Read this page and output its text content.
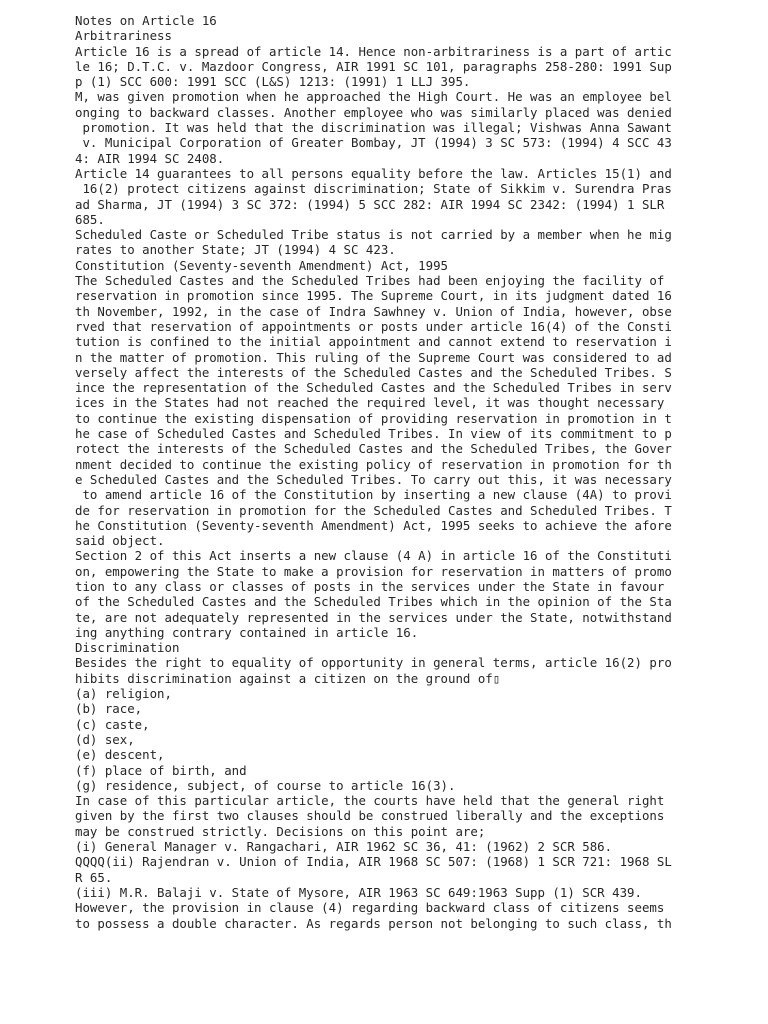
Notes on Article 16
Arbitrariness
Article 16 is a spread of article 14. Hence non-arbitrariness is a part of artic
le 16; D.T.C. v. Mazdoor Congress, AIR 1991 SC 101, paragraphs 258-280: 1991 Sup
p (1) SCC 600: 1991 SCC (L&S) 1213: (1991) 1 LLJ 395.
M, was given promotion when he approached the High Court. He was an employee bel
onging to backward classes. Another employee who was similarly placed was denied
promotion. It was held that the discrimination was illegal; Vishwas Anna Sawant
v. Municipal Corporation of Greater Bombay, JT (1994) 3 SC 573: (1994) 4 SCC 43
4: AIR 1994 SC 2408.
Article 14 guarantees to all persons equality before the law. Articles 15(1) and
16(2) protect citizens against discrimination; State of Sikkim v. Surendra Pras
ad Sharma, JT (1994) 3 SC 372: (1994) 5 SCC 282: AIR 1994 SC 2342: (1994) 1 SLR
685.
Scheduled Caste or Scheduled Tribe status is not carried by a member when he mig
rates to another State; JT (1994) 4 SC 423.
Constitution (Seventy-seventh Amendment) Act, 1995
The Scheduled Castes and the Scheduled Tribes had been enjoying the facility of
reservation in promotion since 1995. The Supreme Court, in its judgment dated 16
th November, 1992, in the case of Indra Sawhney v. Union of India, however, obse
rved that reservation of appointments or posts under article 16(4) of the Consti
tution is confined to the initial appointment and cannot extend to reservation i
n the matter of promotion. This ruling of the Supreme Court was considered to ad
versely affect the interests of the Scheduled Castes and the Scheduled Tribes. S
ince the representation of the Scheduled Castes and the Scheduled Tribes in serv
ices in the States had not reached the required level, it was thought necessary
to continue the existing dispensation of providing reservation in promotion in t
he case of Scheduled Castes and Scheduled Tribes. In view of its commitment to p
rotect the interests of the Scheduled Castes and the Scheduled Tribes, the Gover
nment decided to continue the existing policy of reservation in promotion for th
e Scheduled Castes and the Scheduled Tribes. To carry out this, it was necessary
to amend article 16 of the Constitution by inserting a new clause (4A) to provi
de for reservation in promotion for the Scheduled Castes and Scheduled Tribes. T
he Constitution (Seventy-seventh Amendment) Act, 1995 seeks to achieve the afore
said object.
Section 2 of this Act inserts a new clause (4 A) in article 16 of the Constituti
on, empowering the State to make a provision for reservation in matters of promo
tion to any class or classes of posts in the services under the State in favour
of the Scheduled Castes and the Scheduled Tribes which in the opinion of the Sta
te, are not adequately represented in the services under the State, notwithstand
ing anything contrary contained in article 16.
Discrimination
Besides the right to equality of opportunity in general terms, article 16(2) pro
hibits discrimination against a citizen on the ground of▯
(a) religion,
(b) race,
(c) caste,
(d) sex,
(e) descent,
(f) place of birth, and
(g) residence, subject, of course to article 16(3).
In case of this particular article, the courts have held that the general right
given by the first two clauses should be construed liberally and the exceptions
may be construed strictly. Decisions on this point are;
(i) General Manager v. Rangachari, AIR 1962 SC 36, 41: (1962) 2 SCR 586.
QQQQ(ii) Rajendran v. Union of India, AIR 1968 SC 507: (1968) 1 SCR 721: 1968 SL
R 65.
(iii) M.R. Balaji v. State of Mysore, AIR 1963 SC 649:1963 Supp (1) SCR 439.
However, the provision in clause (4) regarding backward class of citizens seems
to possess a double character. As regards person not belonging to such class, th
